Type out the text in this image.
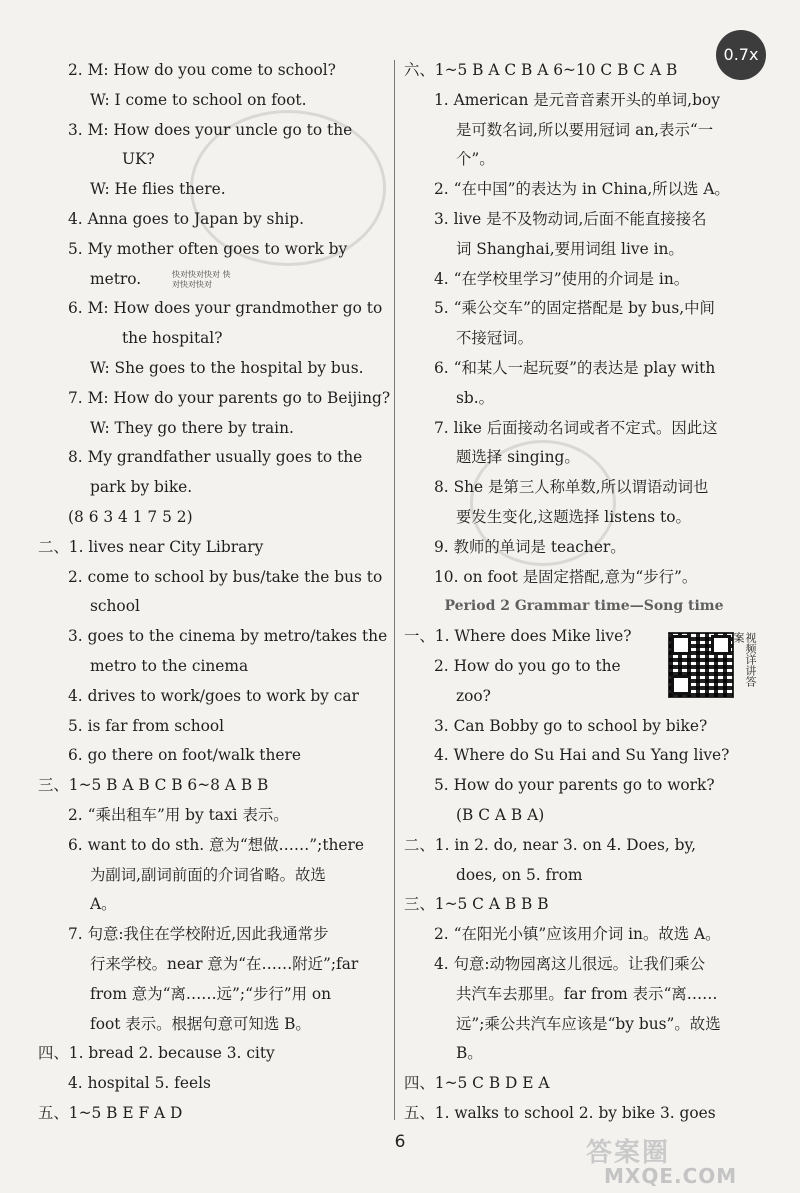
2. M: How do you come to school?
W: I come to school on foot.
3. M: How does your uncle go to the
UK?
W: He flies there.
4. Anna goes to Japan by ship.
5. My mother often goes to work by
metro.
6. M: How does your grandmother go to
the hospital?
W: She goes to the hospital by bus.
7. M: How do your parents go to Beijing?
W: They go there by train.
8. My grandfather usually goes to the
park by bike.
(8 6 3 4 1 7 5 2)
二、1. lives near City Library
2. come to school by bus/take the bus to
school
3. goes to the cinema by metro/takes the
metro to the cinema
4. drives to work/goes to work by car
5. is far from school
6. go there on foot/walk there
三、1~5 B A B C B 6~8 A B B
2. “乘出租车”用 by taxi 表示。
6. want to do sth. 意为“想做……”;there
为副词,副词前面的介词省略。故选
A。
7. 句意:我住在学校附近,因此我通常步
行来学校。near 意为“在……附近”;far
from 意为“离……远”;“步行”用 on
foot 表示。根据句意可知选 B。
四、1. bread 2. because 3. city
4. hospital 5. feels
五、1~5 B E F A D
六、1~5 B A C B A 6~10 C B C A B
1. American 是元音音素开头的单词,boy
是可数名词,所以要用冠词 an,表示“一
个”。
2. “在中国”的表达为 in China,所以选 A。
3. live 是不及物动词,后面不能直接接名
词 Shanghai,要用词组 live in。
4. “在学校里学习”使用的介词是 in。
5. “乘公交车”的固定搭配是 by bus,中间
不接冠词。
6. “和某人一起玩耍”的表达是 play with
sb.。
7. like 后面接动名词或者不定式。因此这
题选择 singing。
8. She 是第三人称单数,所以谓语动词也
要发生变化,这题选择 listens to。
9. 教师的单词是 teacher。
10. on foot 是固定搭配,意为“步行”。
Period 2 Grammar time—Song time
一、1. Where does Mike live?
2. How do you go to the
zoo?
3. Can Bobby go to school by bike?
4. Where do Su Hai and Su Yang live?
5. How do your parents go to work?
(B C A B A)
二、1. in 2. do, near 3. on 4. Does, by,
does, on 5. from
三、1~5 C A B B B
2. “在阳光小镇”应该用介词 in。故选 A。
4. 句意:动物园离这儿很远。让我们乘公
共汽车去那里。far from 表示“离……
远”;乘公共汽车应该是“by bus”。故选
B。
四、1~5 C B D E A
五、1. walks to school 2. by bike 3. goes
视频详讲答案
快对快对快对 快对快对快对
0.7x
6	答案圈
MXQE.COM
